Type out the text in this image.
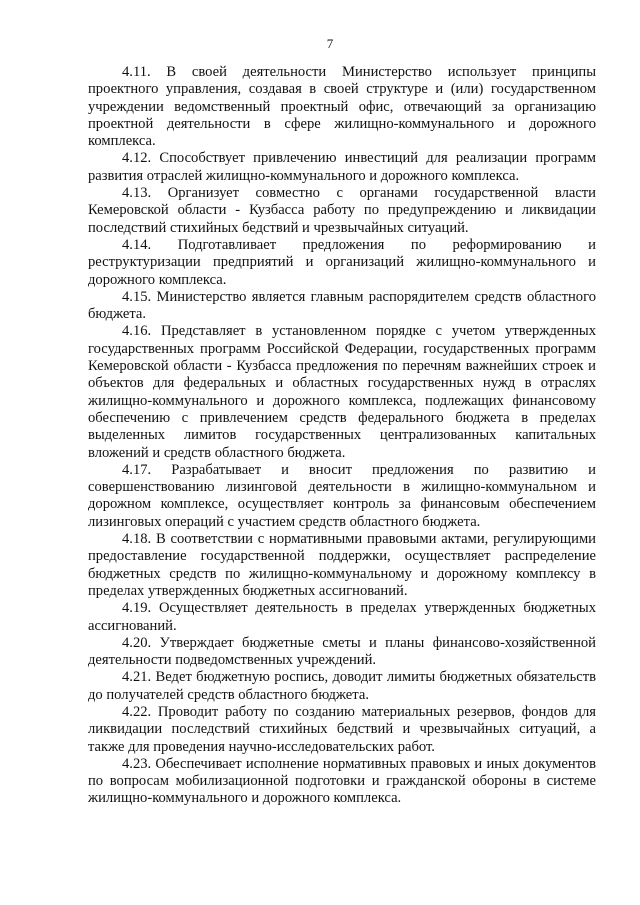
7

4.11. В своей деятельности Министерство использует принципы проектного управления, создавая в своей структуре и (или) государственном учреждении ведомственный проектный офис, отвечающий за организацию проектной деятельности в сфере жилищно-коммунального и дорожного комплекса.

4.12. Способствует привлечению инвестиций для реализации программ развития отраслей жилищно-коммунального и дорожного комплекса.

4.13. Организует совместно с органами государственной власти Кемеровской области - Кузбасса работу по предупреждению и ликвидации последствий стихийных бедствий и чрезвычайных ситуаций.

4.14. Подготавливает предложения по реформированию и реструктуризации предприятий и организаций жилищно-коммунального и дорожного комплекса.

4.15. Министерство является главным распорядителем средств областного бюджета.

4.16. Представляет в установленном порядке с учетом утвержденных государственных программ Российской Федерации, государственных программ Кемеровской области - Кузбасса предложения по перечням важнейших строек и объектов для федеральных и областных государственных нужд в отраслях жилищно-коммунального и дорожного комплекса, подлежащих финансовому обеспечению с привлечением средств федерального бюджета в пределах выделенных лимитов государственных централизованных капитальных вложений и средств областного бюджета.

4.17. Разрабатывает и вносит предложения по развитию и совершенствованию лизинговой деятельности в жилищно-коммунальном и дорожном комплексе, осуществляет контроль за финансовым обеспечением лизинговых операций с участием средств областного бюджета.

4.18. В соответствии с нормативными правовыми актами, регулирующими предоставление государственной поддержки, осуществляет распределение бюджетных средств по жилищно-коммунальному и дорожному комплексу в пределах утвержденных бюджетных ассигнований.

4.19. Осуществляет деятельность в пределах утвержденных бюджетных ассигнований.

4.20. Утверждает бюджетные сметы и планы финансово-хозяйственной деятельности подведомственных учреждений.

4.21. Ведет бюджетную роспись, доводит лимиты бюджетных обязательств до получателей средств областного бюджета.

4.22. Проводит работу по созданию материальных резервов, фондов для ликвидации последствий стихийных бедствий и чрезвычайных ситуаций, а также для проведения научно-исследовательских работ.

4.23. Обеспечивает исполнение нормативных правовых и иных документов по вопросам мобилизационной подготовки и гражданской обороны в системе жилищно-коммунального и дорожного комплекса.
